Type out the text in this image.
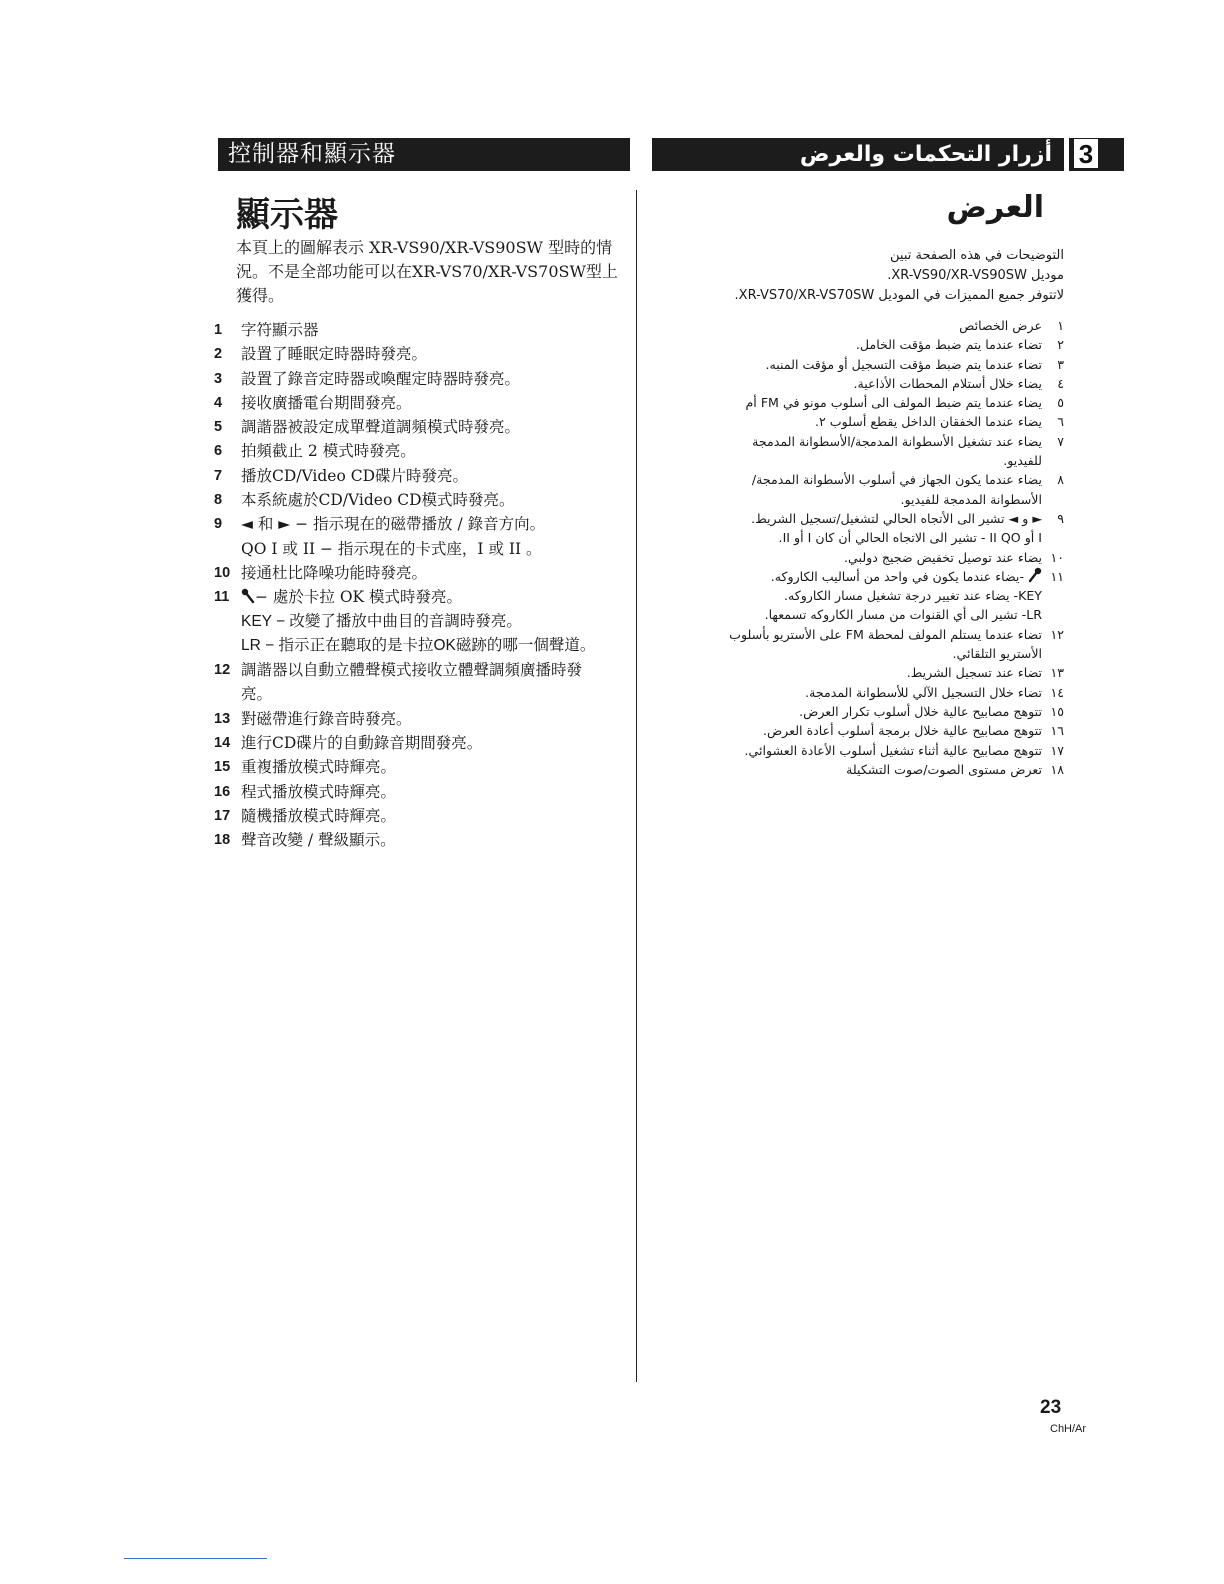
控制器和顯示器	أزرار التحكمات والعرض 3
顯示器
本頁上的圖解表示 XR-VS90/XR-VS90SW 型時的情況。不是全部功能可以在XR-VS70/XR-VS70SW型上獲得。
1 字符顯示器
2 設置了睡眠定時器時發亮。
3 設置了錄音定時器或喚醒定時器時發亮。
4 接收廣播電台期間發亮。
5 調諧器被設定成單聲道調頻模式時發亮。
6 拍頻截止 2 模式時發亮。
7 播放CD/Video CD碟片時發亮。
8 本系統處於CD/Video CD模式時發亮。
9 ◄ 和 ► − 指示現在的磁帶播放 / 錄音方向。
QO I 或 II − 指示現在的卡式座，I 或 II 。
10 接通杜比降噪功能時發亮。
11	− 處於卡拉 OK 模式時發亮。
KEY − 改變了播放中曲目的音調時發亮。
LR − 指示正在聽取的是卡拉OK磁跡的哪一個聲道。
12 調諧器以自動立體聲模式接收立體聲調頻廣播時發
亮。
13 對磁帶進行錄音時發亮。
14 進行CD碟片的自動錄音期間發亮。
15 重複播放模式時輝亮。
16 程式播放模式時輝亮。
17 隨機播放模式時輝亮。
18 聲音改變 / 聲級顯示。
العرض
التوضيحات في هذه الصفحة تبين
موديل XR-VS90/XR-VS90SW.
لاتتوفر جميع المميزات في الموديل XR-VS70/XR-VS70SW.
١
عرض الخصائص
٢
تضاء عندما يتم ضبط مؤقت الخامل.
٣
تضاء عندما يتم ضبط مؤقت التسجيل أو مؤقت المنبه.
٤
يضاء خلال أستلام المحطات الأذاعية.
٥
يضاء عندما يتم ضبط المولف الى أسلوب مونو في FM أم
٦
يضاء عندما الخفقان الداخل يقطع أسلوب ٢.
٧
يضاء عند تشغيل الأسطوانة المدمجة/الأسطوانة المدمجة
للفيديو.
٨
يضاء عندما يكون الجهاز في أسلوب الأسطوانة المدمجة/
الأسطوانة المدمجة للفيديو.
٩
► و ◄ تشير الى الأتجاه الحالي لتشغيل/تسجيل الشريط.
I أو II QO - تشير الى الاتجاه الحالي أن كان I أو II.
١٠
يضاء عند توصيل تخفيض ضجيج دولبي.
١١
-يضاء عندما يكون في واحد من أساليب الكاروكه.
KEY- يضاء عند تغيير درجة تشغيل مسار الكاروكه.
LR- تشير الى أي القنوات من مسار الكاروكه تسمعها.
١٢
تضاء عندما يستلم المولف لمحطة FM على الأستريو بأسلوب
الأستريو التلقائي.
١٣
تضاء عند تسجيل الشريط.
١٤
تضاء خلال التسجيل الآلي للأسطوانة المدمجة.
١٥
تتوهج مصابيح عالية خلال أسلوب تكرار العرض.
١٦
تتوهج مصابيح عالية خلال برمجة أسلوب أعادة العرض.
١٧
تتوهج مصابيح عالية أثناء تشغيل أسلوب الأعادة العشوائي.
١٨
تعرض مستوى الصوت/صوت التشكيلة
23
ChH/Ar
